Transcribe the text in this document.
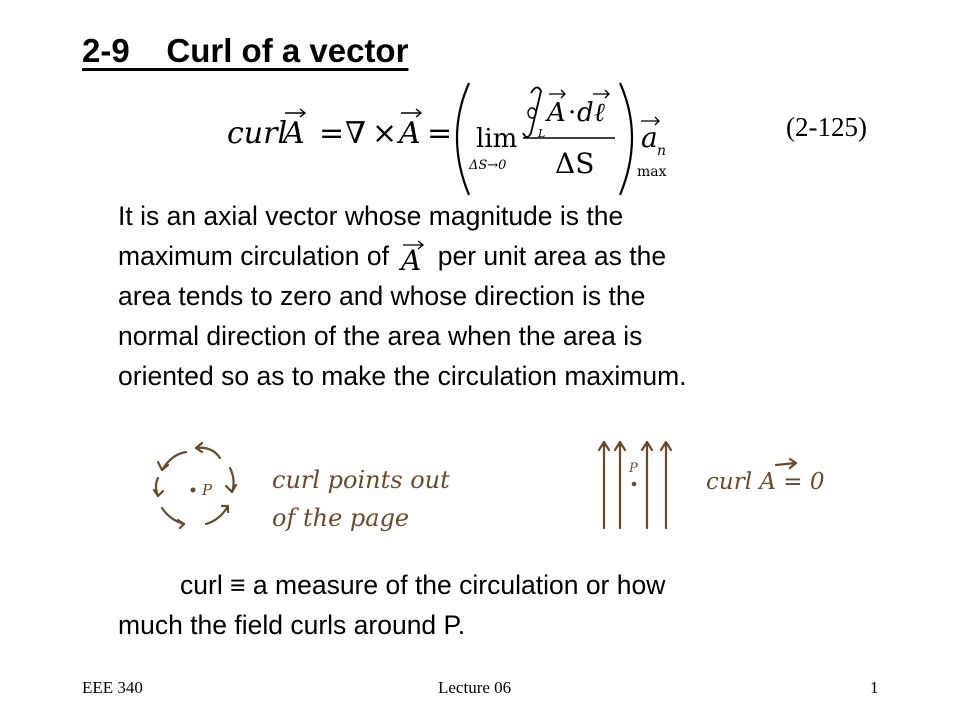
2-9    Curl of a vector
curl
A = ∇ × A = lim
ΔS→0
L
A · d ℓ
ΔS
a n
max
(2-125)
It is an axial vector whose magnitude is the
maximum circulation of A per unit area as the
area tends to zero and whose direction is the
normal direction of the area when the area is
oriented so as to make the circulation maximum.
P curl points out
of the page
P
curl A = 0
curl ≡ a measure of the circulation or how
much the field curls around P.
EEE 340	Lecture 06	1
